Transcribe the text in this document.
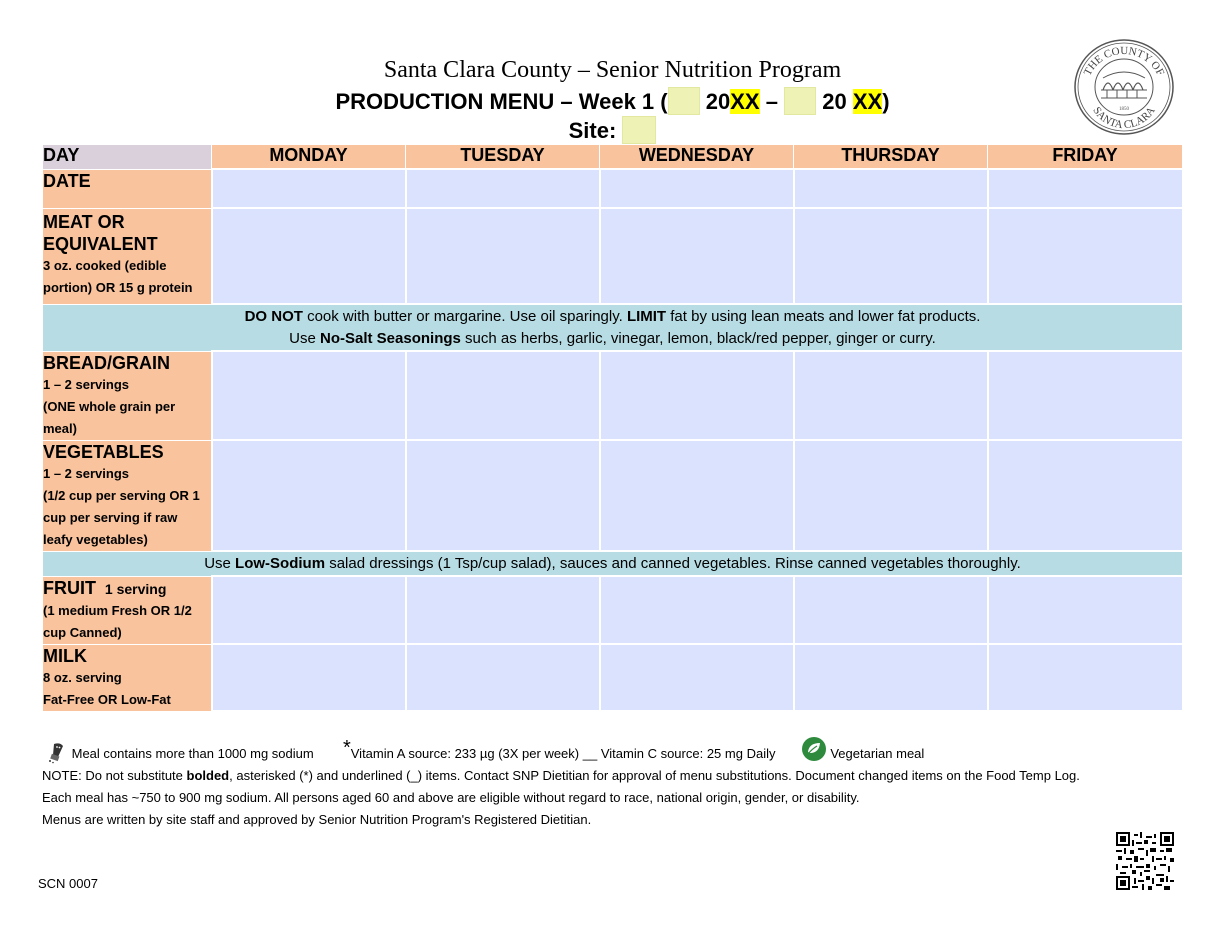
Santa Clara County – Senior Nutrition Program
PRODUCTION MENU – Week 1 ( 20XX – 20 XX)
Site:
THE COUNTY OF
SANTA CLARA
1850
DAY	MONDAY	TUESDAY	WEDNESDAY	THURSDAY	FRIDAY

DATE					

MEAT OR EQUIVALENT
3 oz. cooked (edible portion) OR 15 g protein					

DO NOT cook with butter or margarine. Use oil sparingly. LIMIT fat by using lean meats and lower fat products.
Use No-Salt Seasonings such as herbs, garlic, vinegar, lemon, black/red pepper, ginger or curry.					

BREAD/GRAIN
1 – 2 servings
(ONE whole grain per meal)					

VEGETABLES
1 – 2 servings
(1/2 cup per serving OR 1 cup per serving if raw leafy vegetables)					

Use Low-Sodium salad dressings (1 Tsp/cup salad), sauces and canned vegetables. Rinse canned vegetables thoroughly.					

FRUIT 1 serving
(1 medium Fresh OR 1/2 cup Canned)					

MILK
8 oz. serving
Fat-Free OR Low-Fat					

Meal contains more than 1000 mg sodium *Vitamin A source: 233 µg (3X per week) __ Vitamin C source: 25 mg Daily	Vegetarian meal
NOTE: Do not substitute bolded, asterisked (*) and underlined (_) items. Contact SNP Dietitian for approval of menu substitutions. Document changed items on the Food Temp Log.
Each meal has ~750 to 900 mg sodium. All persons aged 60 and above are eligible without regard to race, national origin, gender, or disability.
Menus are written by site staff and approved by Senior Nutrition Program's Registered Dietitian.
SCN 0007
